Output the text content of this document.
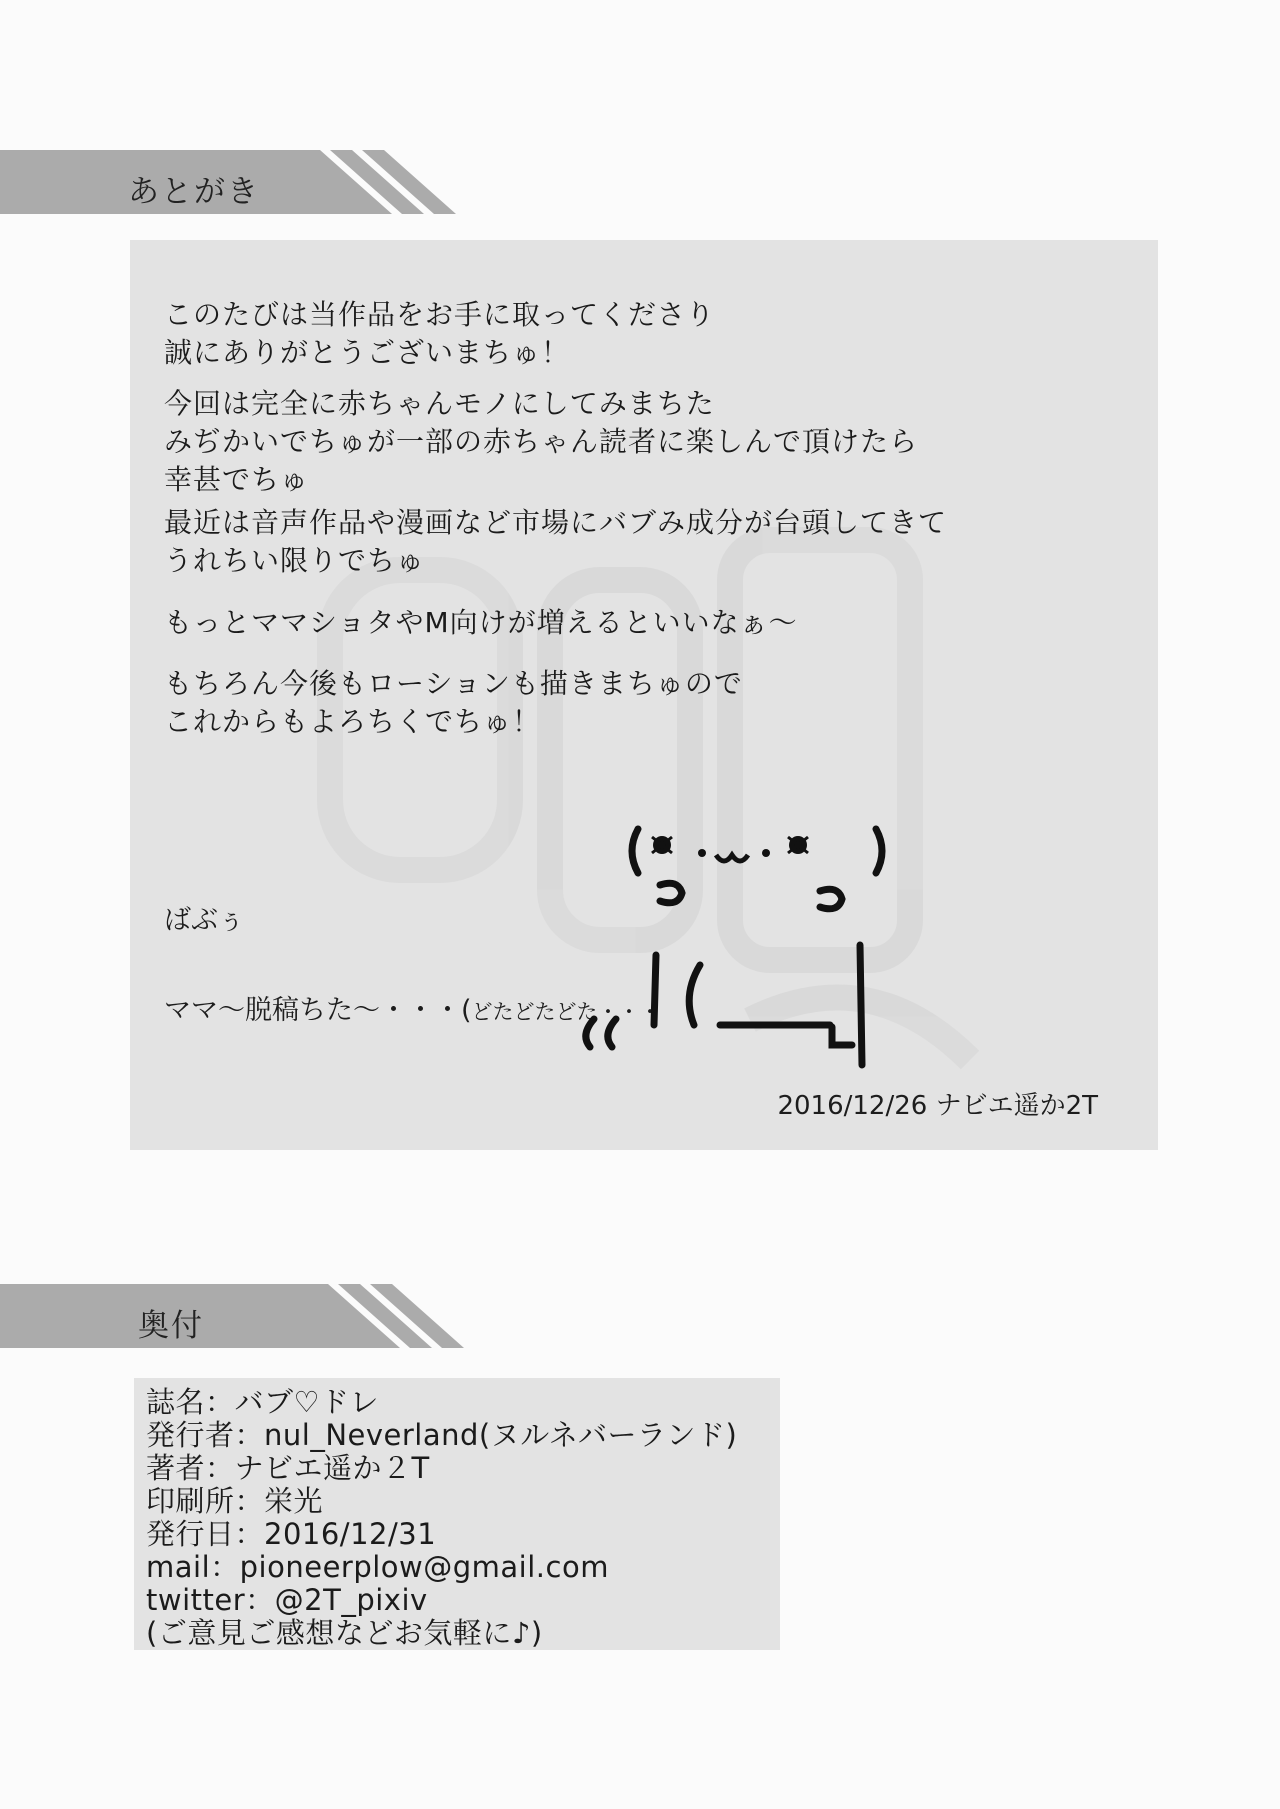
あとがき
このたびは当作品をお手に取ってくださり
誠にありがとうございまちゅ！
今回は完全に赤ちゃんモノにしてみまちた
みぢかいでちゅが一部の赤ちゃん読者に楽しんで頂けたら
幸甚でちゅ
最近は音声作品や漫画など市場にバブみ成分が台頭してきて
うれちい限りでちゅ
もっとママショタやM向けが増えるといいなぁ～
もちろん今後もローションも描きまちゅので
これからもよろちくでちゅ！
ばぶぅ
ママ～脱稿ちた～・・・(どたどたどた・・・
2016/12/26 ナビエ遥か2T
奥付
誌名：バブ♡ドレ
発行者：nul_Neverland(ヌルネバーランド)
著者：ナビエ遥か２T
印刷所：栄光
発行日：2016/12/31
mail：pioneerplow@gmail.com
twitter：@2T_pixiv
(ご意見ご感想などお気軽に♪)
